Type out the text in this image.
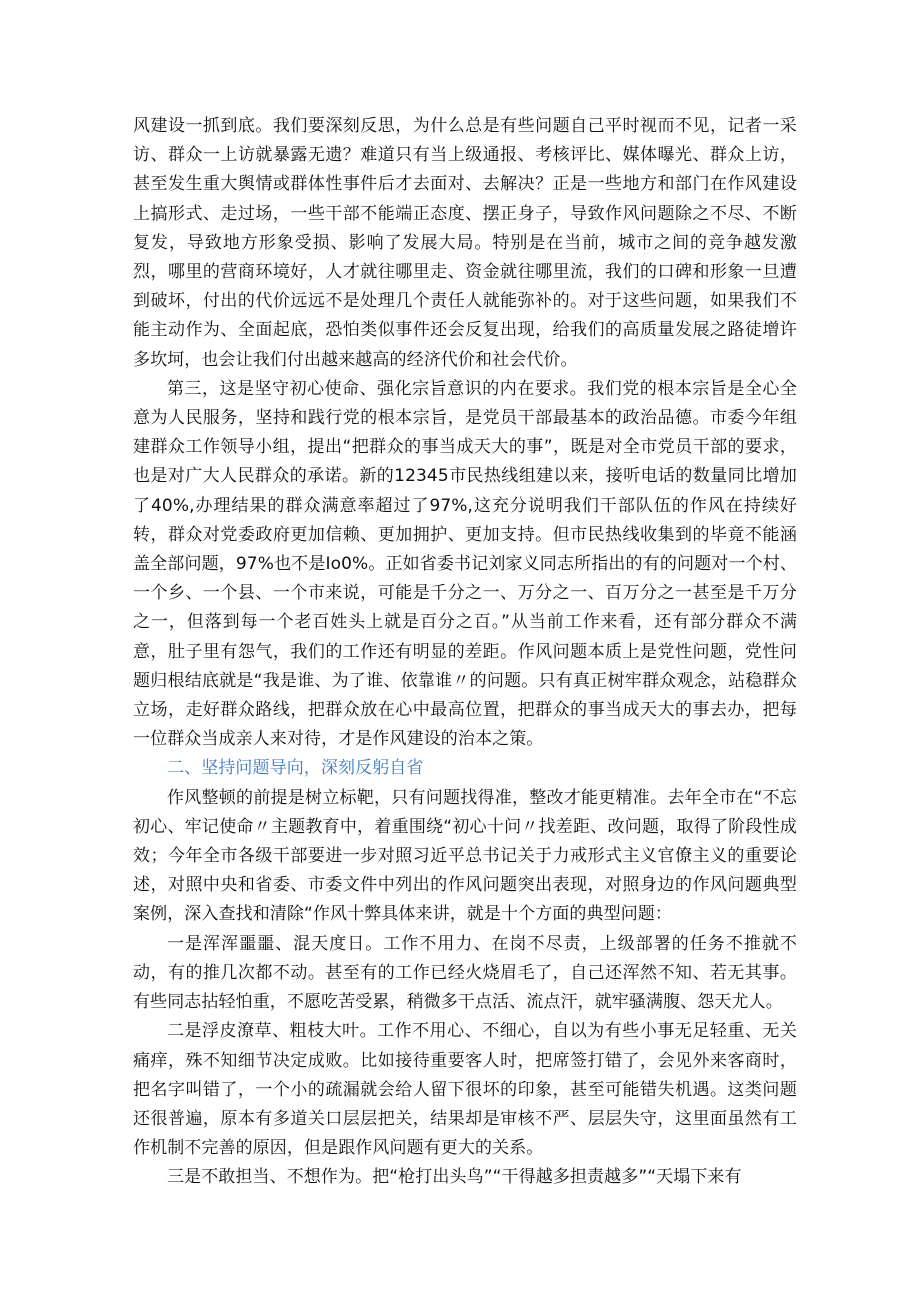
风建设一抓到底。我们要深刻反思，为什么总是有些问题自己平时视而不见，记者一采访、群众一上访就暴露无遗？难道只有当上级通报、考核评比、媒体曝光、群众上访，甚至发生重大舆情或群体性事件后才去面对、去解决？正是一些地方和部门在作风建设上搞形式、走过场，一些干部不能端正态度、摆正身子，导致作风问题除之不尽、不断复发，导致地方形象受损、影响了发展大局。特别是在当前，城市之间的竞争越发激烈，哪里的营商环境好，人才就往哪里走、资金就往哪里流，我们的口碑和形象一旦遭到破坏，付出的代价远远不是处理几个责任人就能弥补的。对于这些问题，如果我们不能主动作为、全面起底，恐怕类似事件还会反复出现，给我们的高质量发展之路徒增许多坎坷，也会让我们付出越来越高的经济代价和社会代价。

第三，这是坚守初心使命、强化宗旨意识的内在要求。我们党的根本宗旨是全心全意为人民服务，坚持和践行党的根本宗旨，是党员干部最基本的政治品德。市委今年组建群众工作领导小组，提出“把群众的事当成天大的事”，既是对全市党员干部的要求，也是对广大人民群众的承诺。新的12345市民热线组建以来，接听电话的数量同比增加了40%,办理结果的群众满意率超过了97%,这充分说明我们干部队伍的作风在持续好转，群众对党委政府更加信赖、更加拥护、更加支持。但市民热线收集到的毕竟不能涵盖全部问题，97%也不是Io0%。正如省委书记刘家义同志所指出的有的问题对一个村、一个乡、一个县、一个市来说，可能是千分之一、万分之一、百万分之一甚至是千万分之一，但落到每一个老百姓头上就是百分之百。”从当前工作来看，还有部分群众不满意，肚子里有怨气，我们的工作还有明显的差距。作风问题本质上是党性问题，党性问题归根结底就是“我是谁、为了谁、依靠谁〃的问题。只有真正树牢群众观念，站稳群众立场，走好群众路线，把群众放在心中最高位置，把群众的事当成天大的事去办，把每一位群众当成亲人来对待，才是作风建设的治本之策。

二、坚持问题导向，深刻反躬自省

作风整顿的前提是树立标靶，只有问题找得准，整改才能更精准。去年全市在“不忘初心、牢记使命〃主题教育中，着重围绕“初心十问〃找差距、改问题，取得了阶段性成效；今年全市各级干部要进一步对照习近平总书记关于力戒形式主义官僚主义的重要论述，对照中央和省委、市委文件中列出的作风问题突出表现，对照身边的作风问题典型案例，深入查找和清除“作风十弊具体来讲，就是十个方面的典型问题：

一是浑浑噩噩、混天度日。工作不用力、在岗不尽责，上级部署的任务不推就不动，有的推几次都不动。甚至有的工作已经火烧眉毛了，自己还浑然不知、若无其事。有些同志拈轻怕重，不愿吃苦受累，稍微多干点活、流点汗，就牢骚满腹、怨天尤人。

二是浮皮潦草、粗枝大叶。工作不用心、不细心，自以为有些小事无足轻重、无关痛痒，殊不知细节决定成败。比如接待重要客人时，把席签打错了，会见外来客商时，把名字叫错了，一个小的疏漏就会给人留下很坏的印象，甚至可能错失机遇。这类问题还很普遍，原本有多道关口层层把关，结果却是审核不严、层层失守，这里面虽然有工作机制不完善的原因，但是跟作风问题有更大的关系。

三是不敢担当、不想作为。把“枪打出头鸟”“干得越多担责越多”“天塌下来有
